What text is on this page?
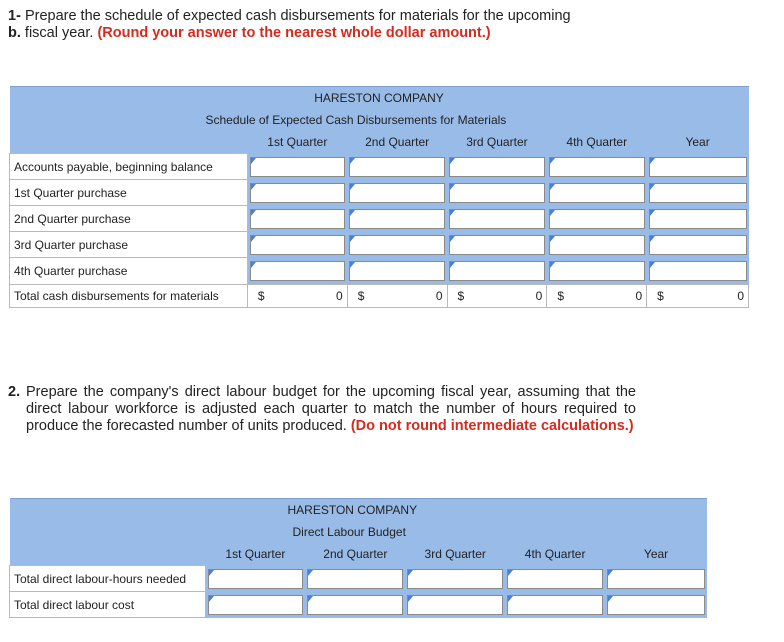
1- Prepare the schedule of expected cash disbursements for materials for the upcoming
b. fiscal year. (Round your answer to the nearest whole dollar amount.)
HARESTON COMPANY					
Schedule of Expected Cash Disbursements for Materials					
	1st Quarter	2nd Quarter	3rd Quarter	4th Quarter	Year
Accounts payable, beginning balance	

1st Quarter purchase	

2nd Quarter purchase	

3rd Quarter purchase	

4th Quarter purchase	

Total cash disbursements for materials	$ 0	$ 0	$ 0	$ 0	$ 0
2. Prepare the company's direct labour budget for the upcoming fiscal year, assuming that the direct labour workforce is adjusted each quarter to match the number of hours required to produce the forecasted number of units produced. (Do not round intermediate calculations.)
HARESTON COMPANY					
Direct Labour Budget					
	1st Quarter	2nd Quarter	3rd Quarter	4th Quarter	Year
Total direct labour-hours needed	

Total direct labour cost	
